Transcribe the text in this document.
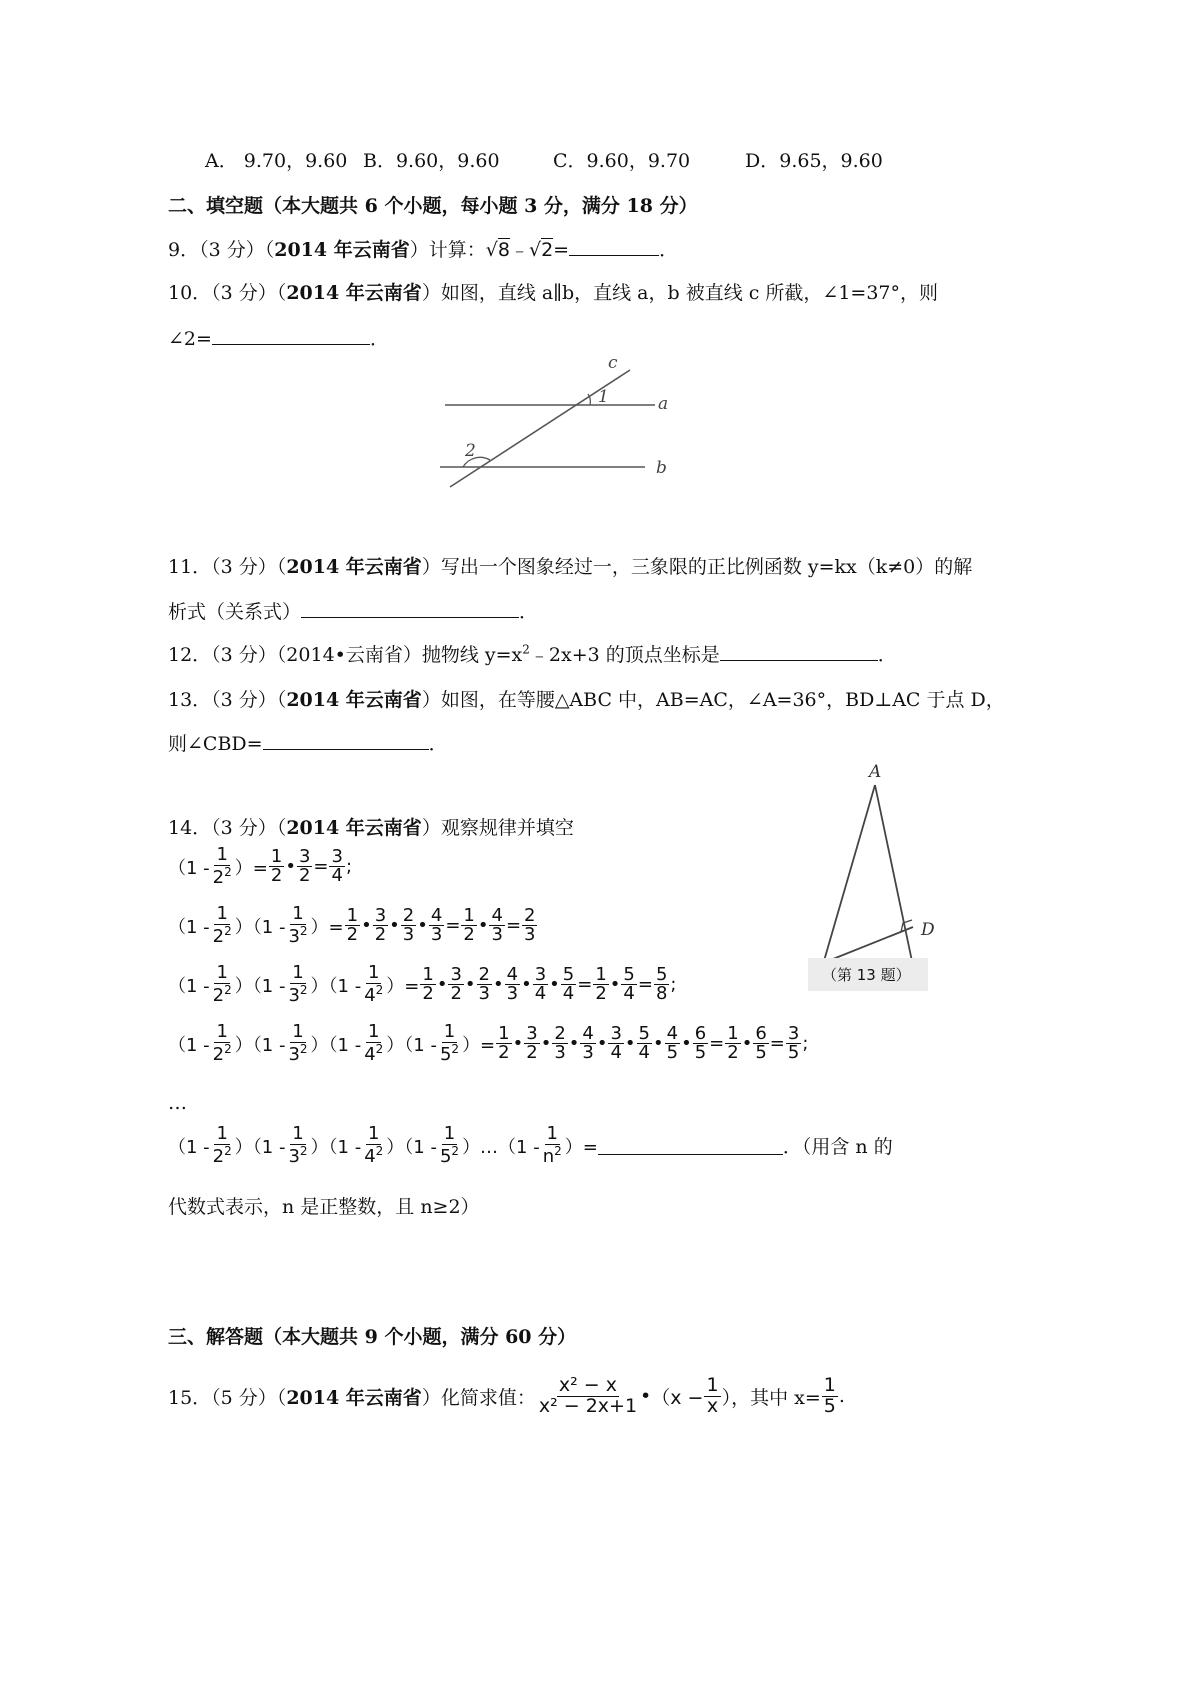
A． 9.70，9.60 B．9.60，9.60	C．9.60，9.70	D．9.65，9.60
二、填空题（本大题共 6 个小题，每小题 3 分，满分 18 分）
9．（3 分）（2014 年云南省）计算：√8﹣√2=	．
10．（3 分）（2014 年云南省）如图，直线 a∥b，直线 a，b 被直线 c 所截，∠1=37°，则
∠2=	．
c
1	a
2
b
11．（3 分）（2014 年云南省）写出一个图象经过一，三象限的正比例函数 y=kx（k≠0）的解
析式（关系式）	．
12．（3 分）（2014•云南省）抛物线 $y=x^2﹣2x+3$ 的顶点坐标是	．
13．（3 分）（2014 年云南省）如图，在等腰△ABC 中，AB=AC，∠A=36°，BD⊥AC 于点 D，
则∠CBD=	．
A
D
（第 13 题）
14．（3 分）（2014 年云南省）观察规律并填空
（$1 - \frac{1}{2^2}$ ）= $\frac{1}{2}$ • $\frac{3}{2} = \frac{3}{4}$ ;
$(1 - \frac{1}{2^2} )(1 - \frac{1}{3^2}$ ）= $\frac{1}{2}$ • $\frac{3}{2}$ • $\frac{2}{3}$ • $\frac{4}{3} = \frac{1}{2}$ • $\frac{4}{3} = \frac{2}{3}$
$(1 - \frac{1}{2^2} )(1 - \frac{1}{3^2} )(1 - \frac{1}{4^2}$ ）= $\frac{1}{2}$ • $\frac{3}{2}$ • $\frac{2}{3}$ • $\frac{4}{3}$ • $\frac{3}{4}$ • $\frac{5}{4} = \frac{1}{2}$ • $\frac{5}{4} = \frac{5}{8}$ ;
$(1 - \frac{1}{2^2} )(1 - \frac{1}{3^2} )(1 - \frac{1}{4^2} )(1 - \frac{1}{5^2}$ ）= $\frac{1}{2}$ • $\frac{3}{2}$ • $\frac{2}{3}$ • $\frac{4}{3}$ • $\frac{3}{4}$ • $\frac{5}{4}$ • $\frac{4}{5}$ • $\frac{6}{5} = \frac{1}{2}$ • $\frac{6}{5} = \frac{3}{5}$ ;
…
$(1 - \frac{1}{2^2} )(1 - \frac{1}{3^2} )(1 - \frac{1}{4^2} )(1 - \frac{1}{5^2}$ ）…（1 - $\frac{1}{n^2}$ ）=	．（用含 n 的
代数式表示，n 是正整数，且 n≥2）
三、解答题（本大题共 9 个小题，满分 60 分）
15．（5 分）（ 2014 年云南省 ）化简求值： $\frac{\text{x² − x}}{\text{x² − 2x+1}}$ • （$x - \frac{1}{x}$ ），其中 $x= \frac{1}{5}$ .
